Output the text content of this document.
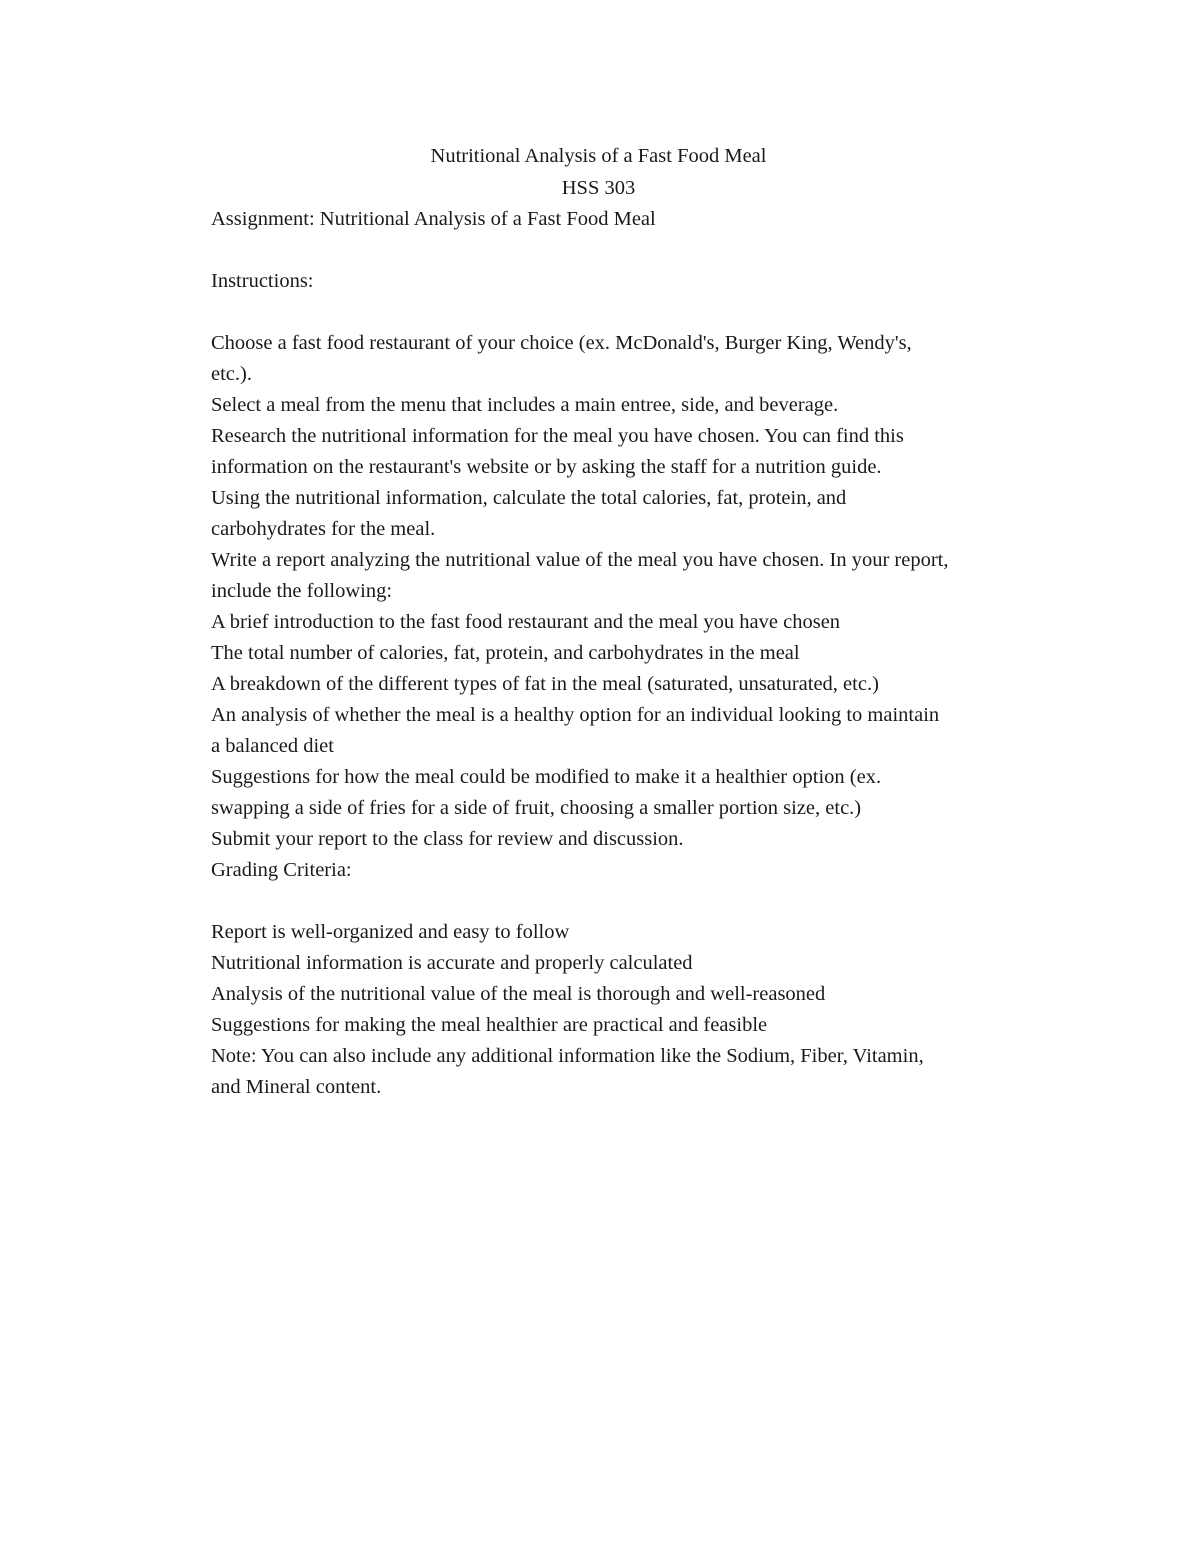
Nutritional Analysis of a Fast Food Meal

HSS 303

Assignment: Nutritional Analysis of a Fast Food Meal

Instructions:

Choose a fast food restaurant of your choice (ex. McDonald's, Burger King, Wendy's,

etc.).

Select a meal from the menu that includes a main entree, side, and beverage.

Research the nutritional information for the meal you have chosen. You can find this

information on the restaurant's website or by asking the staff for a nutrition guide.

Using the nutritional information, calculate the total calories, fat, protein, and

carbohydrates for the meal.

Write a report analyzing the nutritional value of the meal you have chosen. In your report,

include the following:

A brief introduction to the fast food restaurant and the meal you have chosen

The total number of calories, fat, protein, and carbohydrates in the meal

A breakdown of the different types of fat in the meal (saturated, unsaturated, etc.)

An analysis of whether the meal is a healthy option for an individual looking to maintain

a balanced diet

Suggestions for how the meal could be modified to make it a healthier option (ex.

swapping a side of fries for a side of fruit, choosing a smaller portion size, etc.)

Submit your report to the class for review and discussion.

Grading Criteria:

Report is well-organized and easy to follow

Nutritional information is accurate and properly calculated

Analysis of the nutritional value of the meal is thorough and well-reasoned

Suggestions for making the meal healthier are practical and feasible

Note: You can also include any additional information like the Sodium, Fiber, Vitamin,

and Mineral content.
